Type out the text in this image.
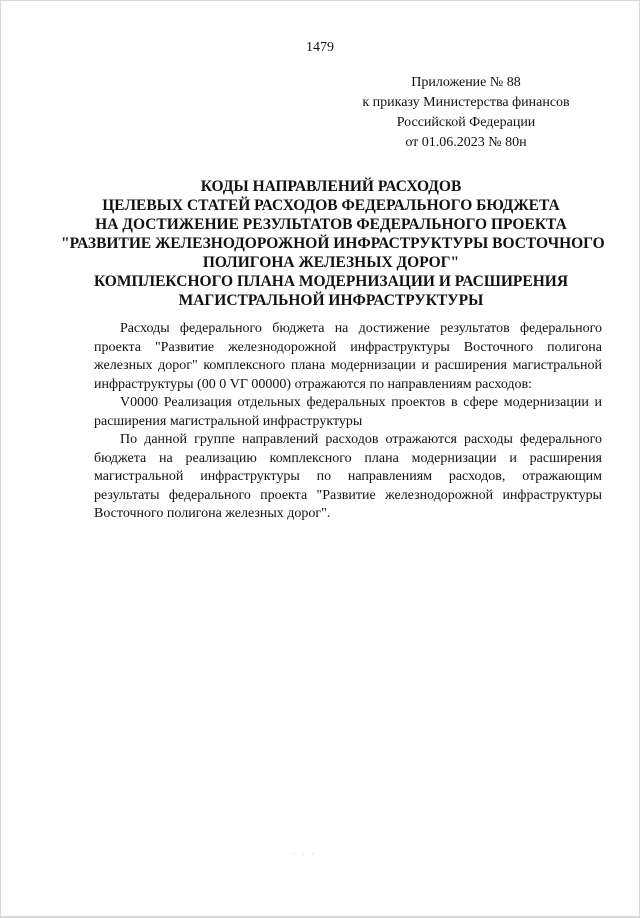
1479
Приложение № 88
к приказу Министерства финансов
Российской Федерации
от 01.06.2023 № 80н
КОДЫ НАПРАВЛЕНИЙ РАСХОДОВ
ЦЕЛЕВЫХ СТАТЕЙ РАСХОДОВ ФЕДЕРАЛЬНОГО БЮДЖЕТА
НА ДОСТИЖЕНИЕ РЕЗУЛЬТАТОВ ФЕДЕРАЛЬНОГО ПРОЕКТА
"РАЗВИТИЕ ЖЕЛЕЗНОДОРОЖНОЙ ИНФРАСТРУКТУРЫ ВОСТОЧНОГО
ПОЛИГОНА ЖЕЛЕЗНЫХ ДОРОГ"
КОМПЛЕКСНОГО ПЛАНА МОДЕРНИЗАЦИИ И РАСШИРЕНИЯ
МАГИСТРАЛЬНОЙ ИНФРАСТРУКТУРЫ

Расходы федерального бюджета на достижение результатов федерального проекта "Развитие железнодорожной инфраструктуры Восточного полигона железных дорог" комплексного плана модернизации и расширения магистральной инфраструктуры (00 0 VГ 00000) отражаются по направлениям расходов:

V0000 Реализация отдельных федеральных проектов в сфере модернизации и расширения магистральной инфраструктуры

По данной группе направлений расходов отражаются расходы федерального бюджета на реализацию комплексного плана модернизации и расширения магистральной инфраструктуры по направлениям расходов, отражающим результаты федерального проекта "Развитие железнодорожной инфраструктуры Восточного полигона железных дорог".

· · ·
